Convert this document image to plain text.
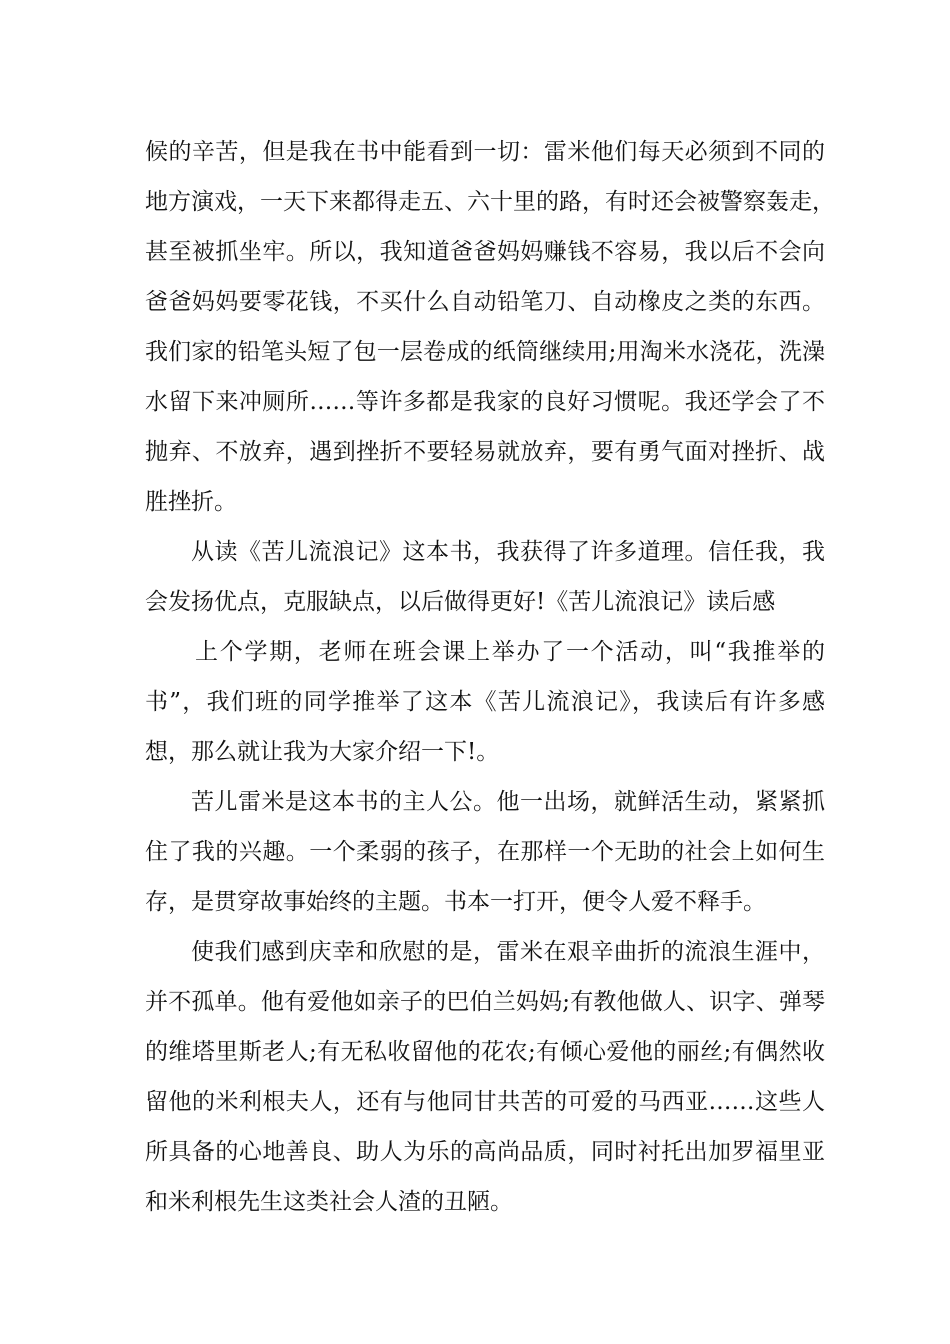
候的辛苦，但是我在书中能看到一切：雷米他们每天必须到不同的
地方演戏，一天下来都得走五、六十里的路，有时还会被警察轰走，
甚至被抓坐牢。所以，我知道爸爸妈妈赚钱不容易，我以后不会向
爸爸妈妈要零花钱，不买什么自动铅笔刀、自动橡皮之类的东西。
我们家的铅笔头短了包一层卷成的纸筒继续用;用淘米水浇花，洗澡
水留下来冲厕所……等许多都是我家的良好习惯呢。我还学会了不
抛弃、不放弃，遇到挫折不要轻易就放弃，要有勇气面对挫折、战
胜挫折。
从读《苦儿流浪记》这本书，我获得了许多道理。信任我，我
会发扬优点，克服缺点，以后做得更好!《苦儿流浪记》读后感
上个学期，老师在班会课上举办了一个活动，叫“我推举的
书”，我们班的同学推举了这本《苦儿流浪记》，我读后有许多感
想，那么就让我为大家介绍一下!。
苦儿雷米是这本书的主人公。他一出场，就鲜活生动，紧紧抓
住了我的兴趣。一个柔弱的孩子，在那样一个无助的社会上如何生
存，是贯穿故事始终的主题。书本一打开，便令人爱不释手。
使我们感到庆幸和欣慰的是，雷米在艰辛曲折的流浪生涯中，
并不孤单。他有爱他如亲子的巴伯兰妈妈;有教他做人、识字、弹琴
的维塔里斯老人;有无私收留他的花农;有倾心爱他的丽丝;有偶然收
留他的米利根夫人，还有与他同甘共苦的可爱的马西亚……这些人
所具备的心地善良、助人为乐的高尚品质，同时衬托出加罗福里亚
和米利根先生这类社会人渣的丑陋。
